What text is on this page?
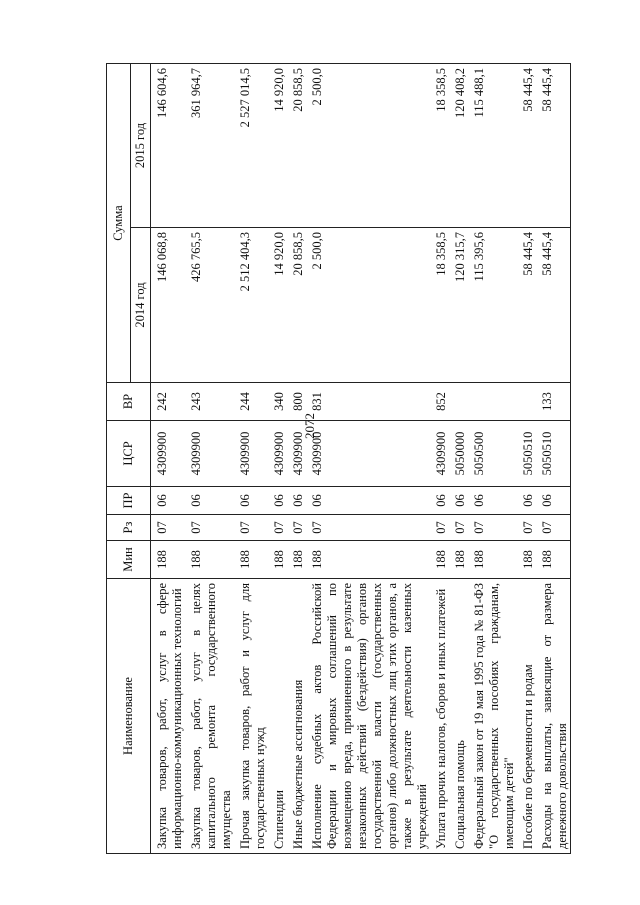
2072
Наименование	Мин	Рз	ПР	ЦСР	ВР	Сумма	
						2014 год	2015 год
Закупка товаров, работ, услуг в сфере информационно-коммуникационных технологий	188	07	06	4309900	242	146 068,8	146 604,6
Закупка товаров, работ, услуг в целях капитального ремонта государственного имущества	188	07	06	4309900	243	426 765,5	361 964,7
Прочая закупка товаров, работ и услуг для государственных нужд	188	07	06	4309900	244	2 512 404,3	2 527 014,5
Стипендии	188	07	06	4309900	340	14 920,0	14 920,0
Иные бюджетные ассигнования	188	07	06	4309900	800	20 858,5	20 858,5
Исполнение судебных актов Российской Федерации и мировых соглашений по возмещению вреда, причиненного в результате незаконных действий (бездействия) органов государственной власти (государственных органов) либо должностных лиц этих органов, а также в результате деятельности казенных учреждений	188	07	06	4309900	831	2 500,0	2 500,0
Уплата прочих налогов, сборов и иных платежей	188	07	06	4309900	852	18 358,5	18 358,5
Социальная помощь	188	07	06	5050000		120 315,7	120 408,2
Федеральный закон от 19 мая 1995 года № 81-ФЗ "О государственных пособиях гражданам, имеющим детей"	188	07	06	5050500		115 395,6	115 488,1
Пособие по беременности и родам	188	07	06	5050510		58 445,4	58 445,4
Расходы на выплаты, зависящие от размера денежного довольствия	188	07	06	5050510	133	58 445,4	58 445,4
